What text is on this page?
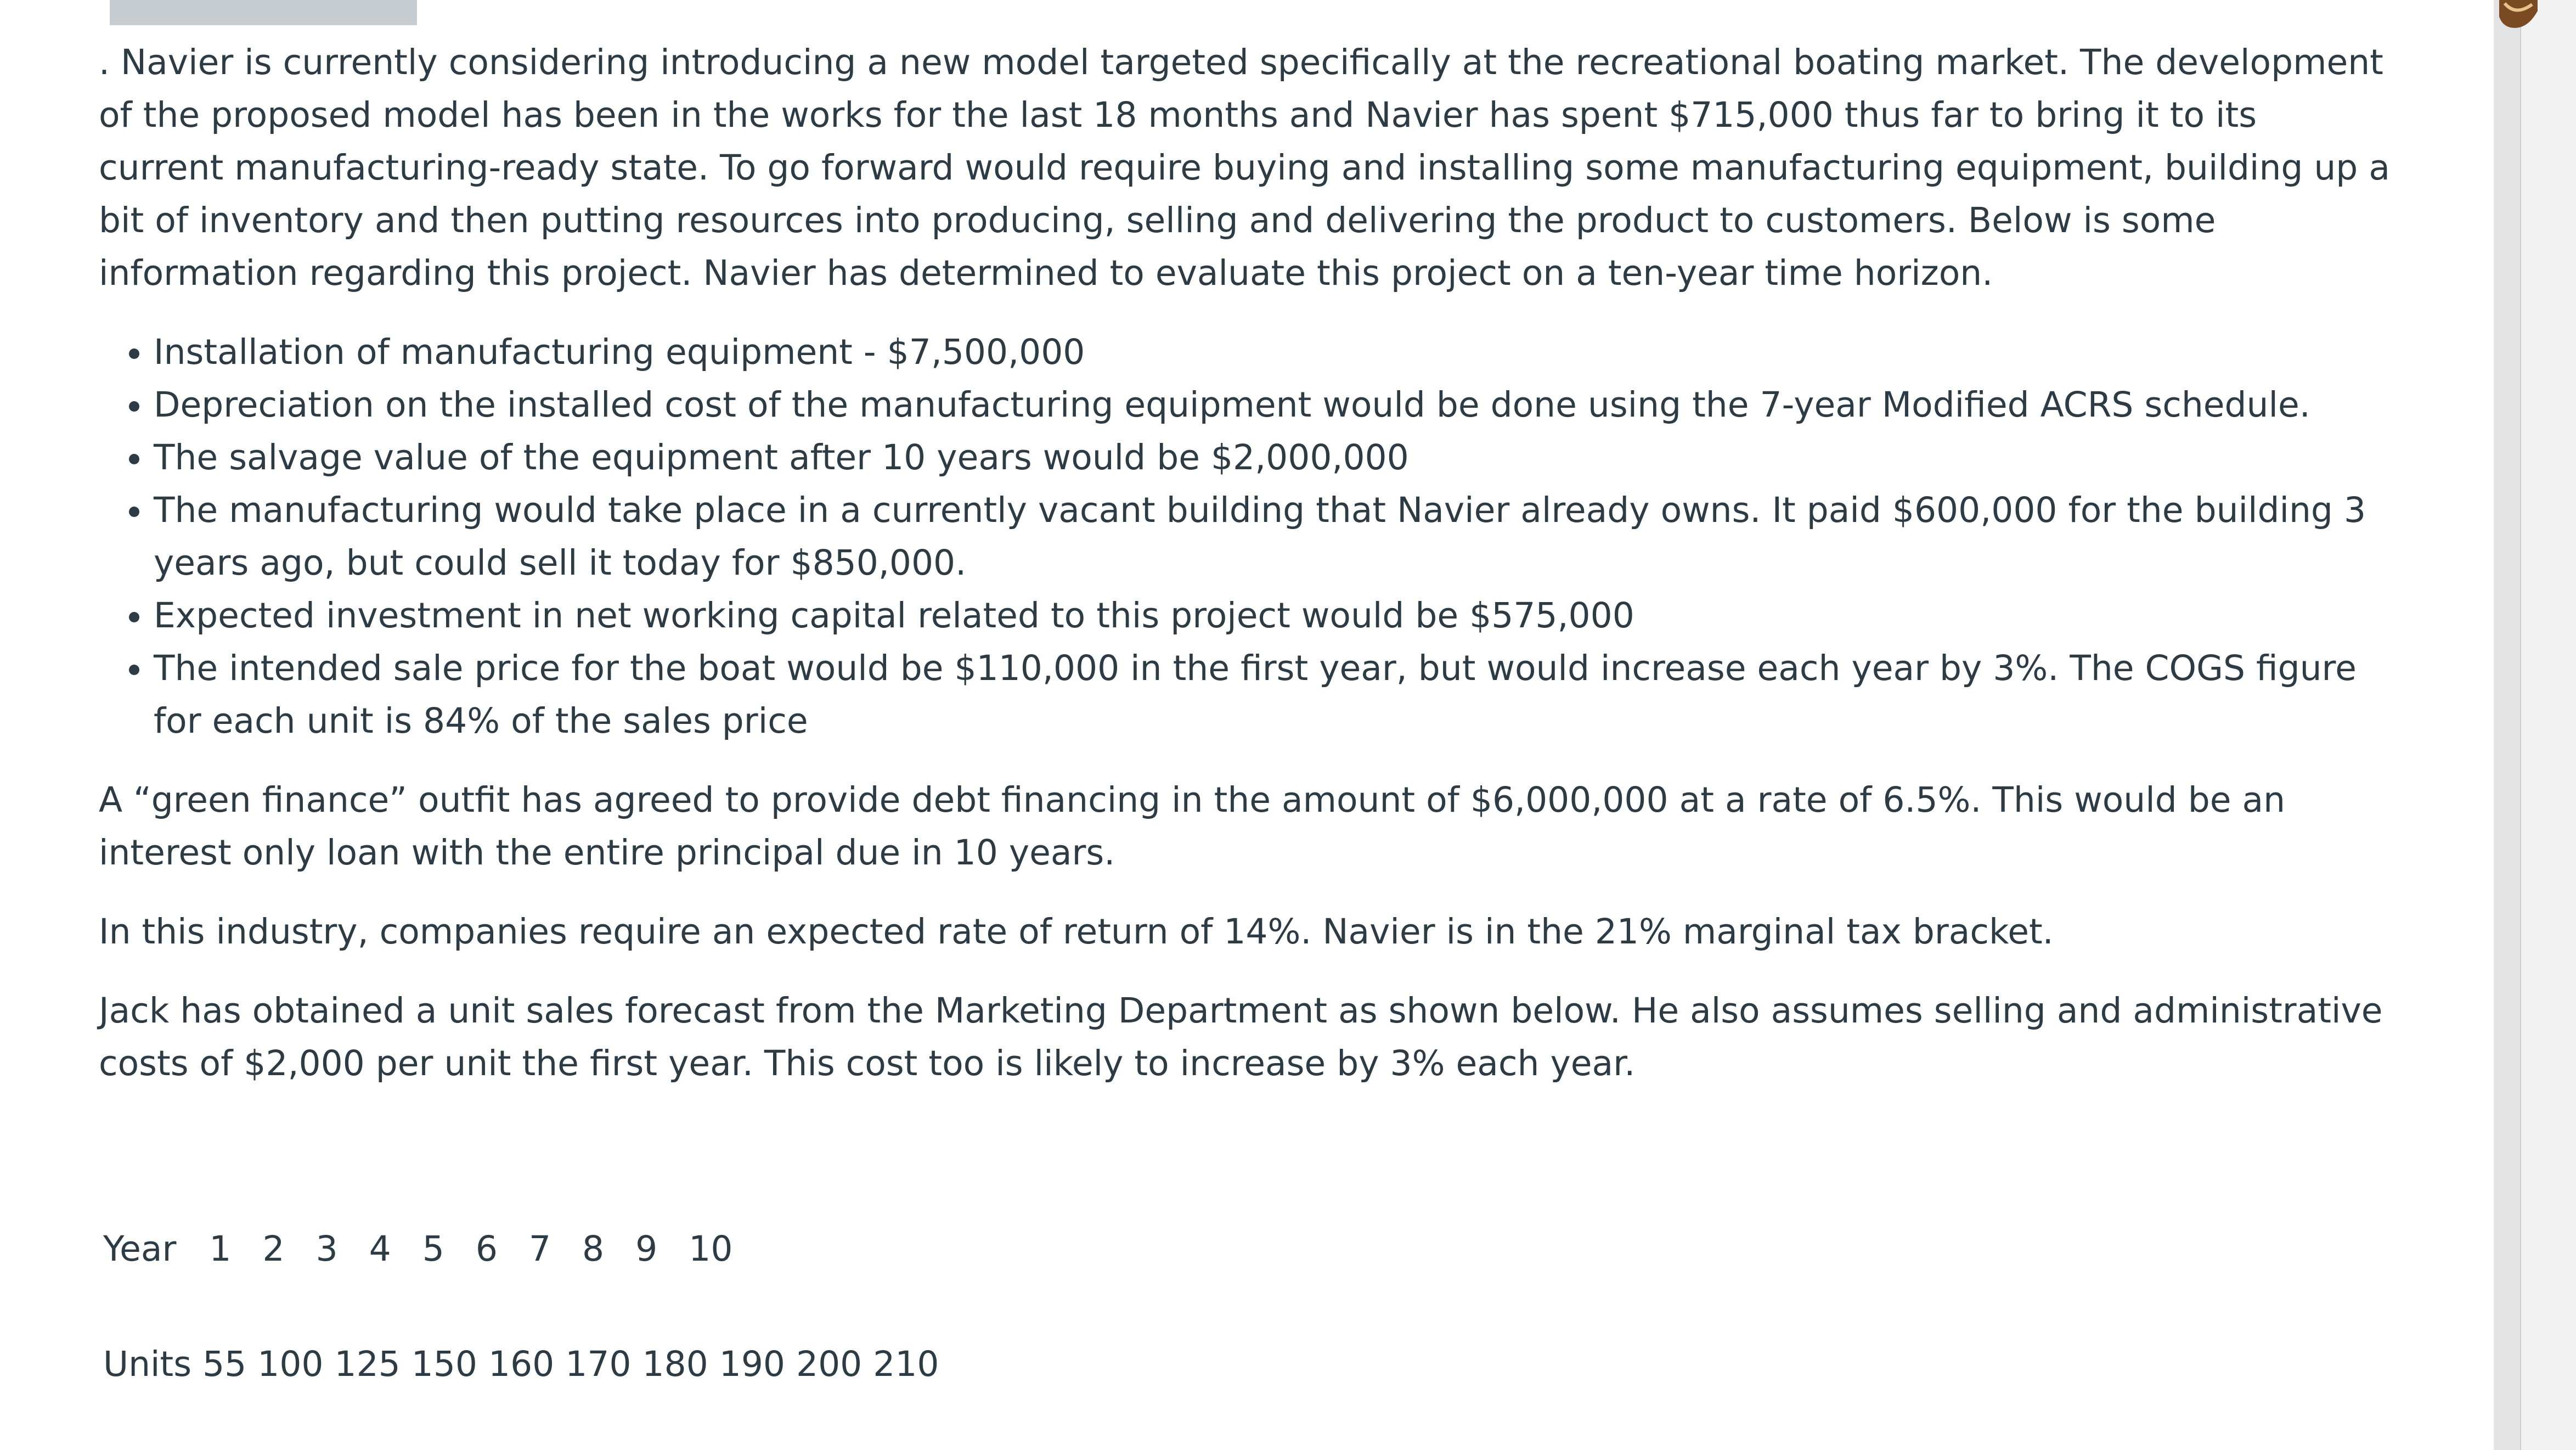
. Navier is currently considering introducing a new model targeted specifically at the recreational boating market. The development of the proposed model has been in the works for the last 18 months and Navier has spent $715,000 thus far to bring it to its current manufacturing-ready state. To go forward would require buying and installing some manufacturing equipment, building up a bit of inventory and then putting resources into producing, selling and delivering the product to customers. Below is some information regarding this project. Navier has determined to evaluate this project on a ten-year time horizon.

• Installation of manufacturing equipment - $7,500,000
• Depreciation on the installed cost of the manufacturing equipment would be done using the 7-year Modified ACRS schedule.
• The salvage value of the equipment after 10 years would be $2,000,000
• The manufacturing would take place in a currently vacant building that Navier already owns. It paid $600,000 for the building 3 years ago, but could sell it today for $850,000.
• Expected investment in net working capital related to this project would be $575,000
• The intended sale price for the boat would be $110,000 in the first year, but would increase each year by 3%. The COGS figure for each unit is 84% of the sales price

A “green finance” outfit has agreed to provide debt financing in the amount of $6,000,000 at a rate of 6.5%. This would be an interest only loan with the entire principal due in 10 years.

In this industry, companies require an expected rate of return of 14%. Navier is in the 21% marginal tax bracket.

Jack has obtained a unit sales forecast from the Marketing Department as shown below. He also assumes selling and administrative costs of $2,000 per unit the first year. This cost too is likely to increase by 3% each year.

Year 1 2 3 4 5 6 7 8 9 10
Units 55 100 125 150 160 170 180 190 200 210
